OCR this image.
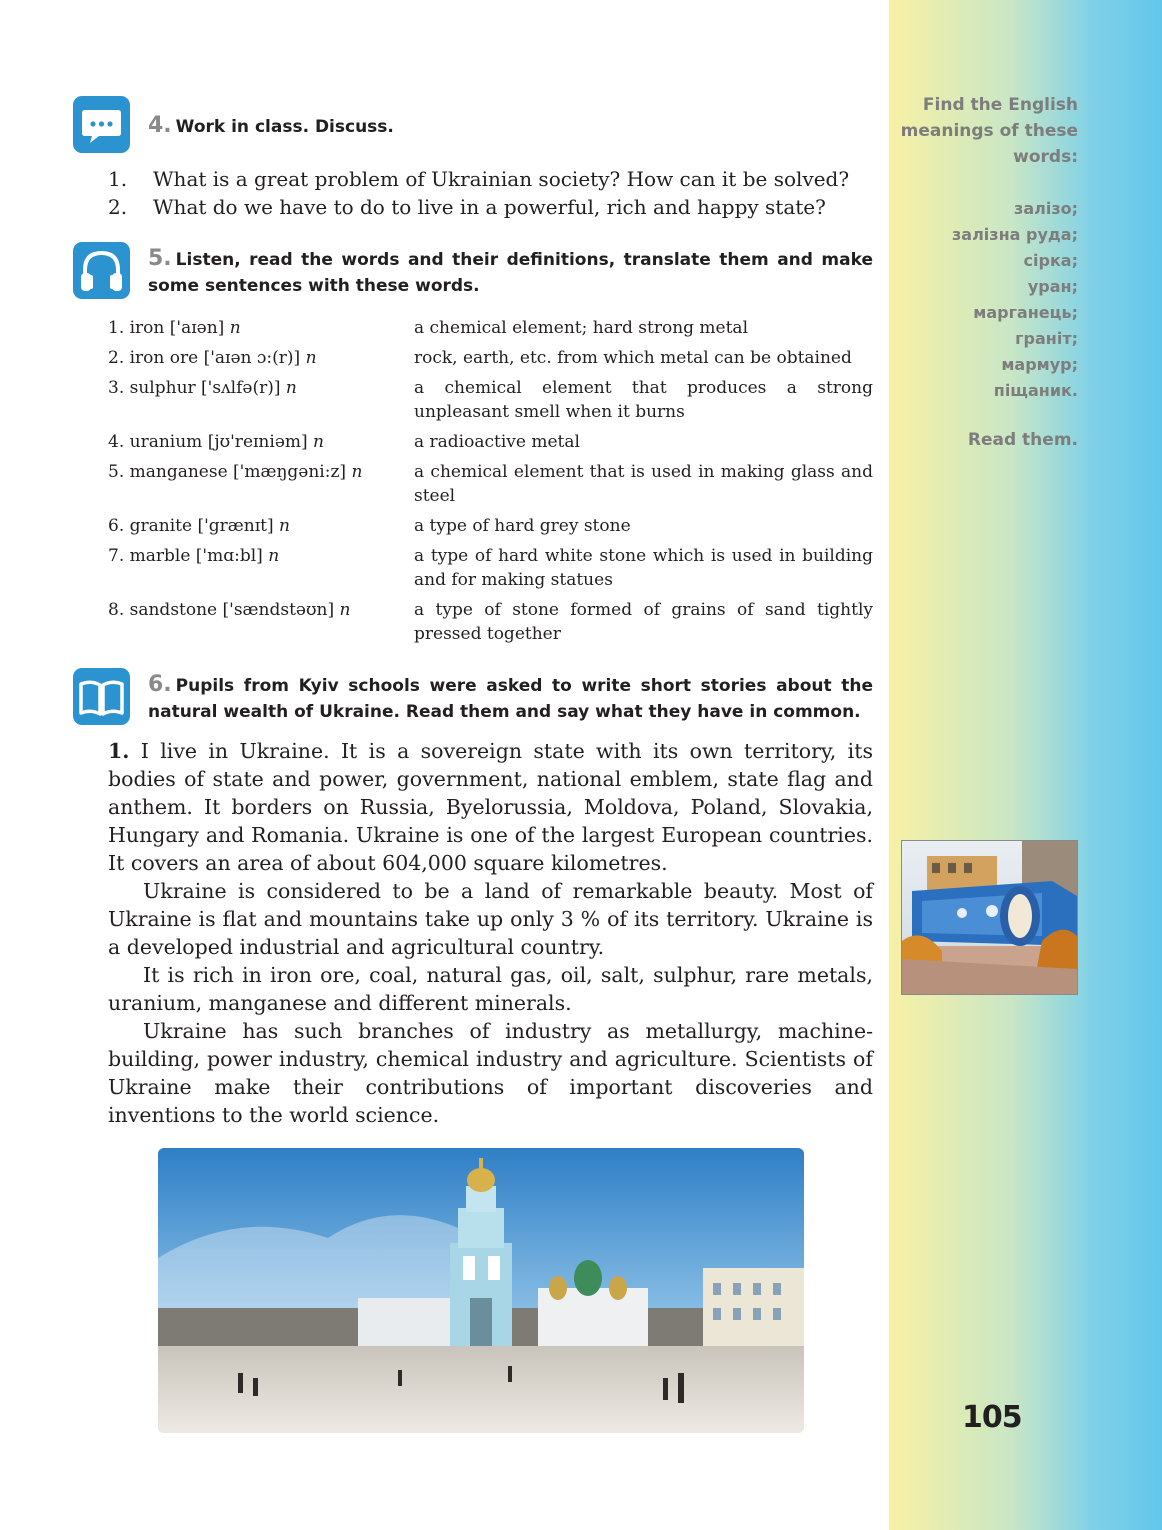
Find the English
meanings of these
words:
залізо;
залізна руда;
сірка;
уран;
марганець;
граніт;
мармур;
піщаник.
Read them.
4. Work in class. Discuss.
1.	What is a great problem of Ukrainian society? How can it be solved?
2.	What do we have to do to live in a powerful, rich and happy state?
5. Listen, read the words and their definitions, translate them and make some sentences with these words.
1. iron ['aɪən] n	a chemical element; hard strong metal
2. iron ore ['aɪən ɔ:(r)] n	rock, earth, etc. from which metal can be obtained
3. sulphur ['sʌlfə(r)] n	a chemical element that produces a strong unpleasant smell when it burns
4. uranium [jʊ'reɪniəm] n	a radioactive metal
5. manganese ['mæŋgəni:z] n	a chemical element that is used in making glass and steel
6. granite ['grænɪt] n	a type of hard grey stone
7. marble ['mɑ:bl] n	a type of hard white stone which is used in building and for making statues
8. sandstone ['sændstəʊn] n	a type of stone formed of grains of sand tightly pressed together
6. Pupils from Kyiv schools were asked to write short stories about the natural wealth of Ukraine. Read them and say what they have in common.

1. I live in Ukraine. It is a sovereign state with its own territory, its bodies of state and power, government, national emblem, state flag and anthem. It borders on Russia, Byelorussia, Moldova, Poland, Slovakia, Hungary and Romania. Ukraine is one of the largest European countries. It covers an area of about 604,000 square kilometres.

Ukraine is considered to be a land of remarkable beauty. Most of Ukraine is flat and mountains take up only 3 % of its territory. Ukraine is a developed industrial and agricultural country.

It is rich in iron ore, coal, natural gas, oil, salt, sulphur, rare metals, uranium, manganese and different minerals.

Ukraine has such branches of industry as metallurgy, machine-building, power industry, chemical industry and agriculture. Scientists of Ukraine make their contributions of important discoveries and inventions to the world science.

105
